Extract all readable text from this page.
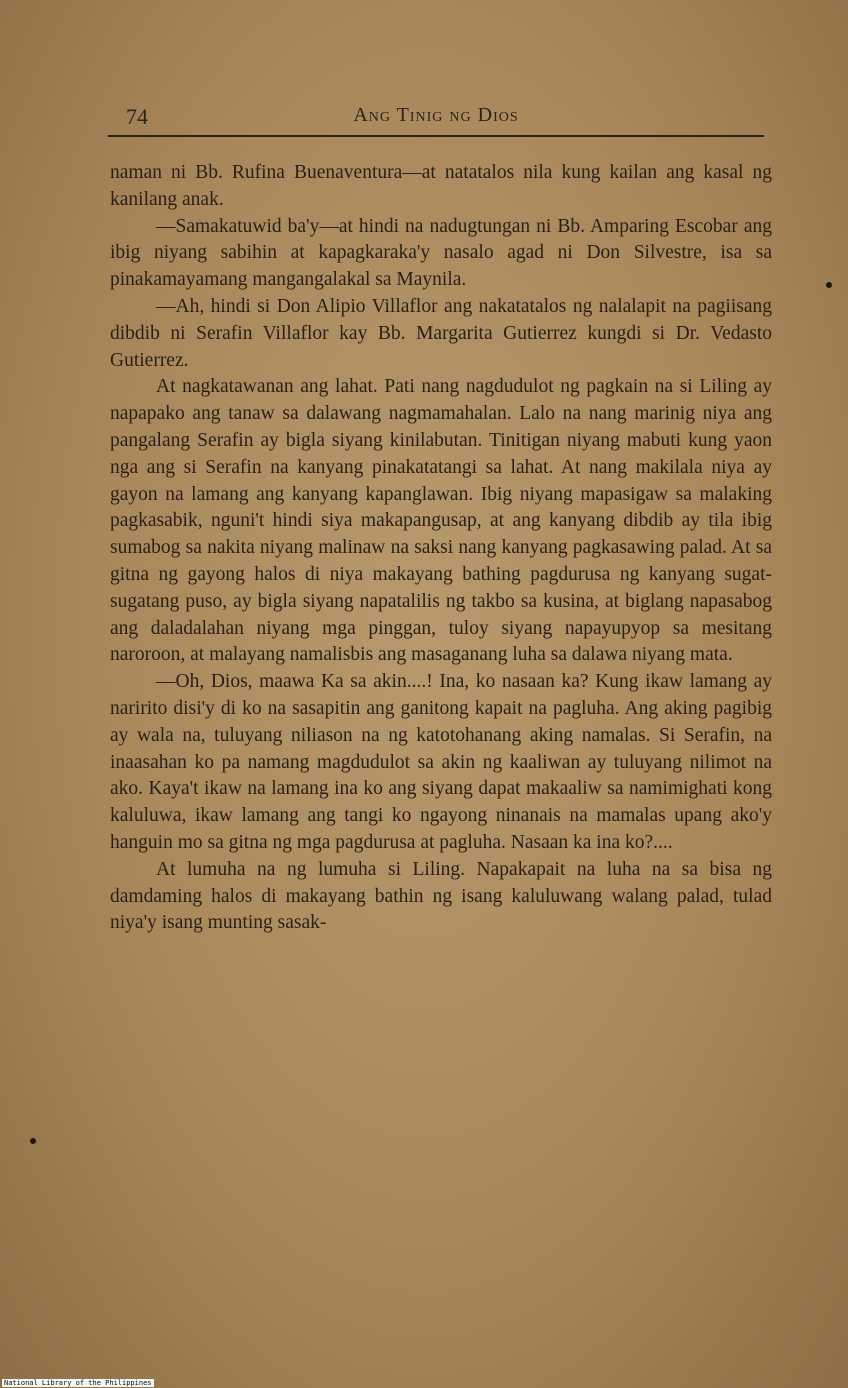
74	Ang Tinig ng Dios

naman ni Bb. Rufina Buenaventura—at natatalos nila kung kailan ang kasal ng kanilang anak.

—Samakatuwid ba'y—at hindi na nadugtungan ni Bb. Amparing Escobar ang ibig niyang sabihin at kapagkaraka'y nasalo agad ni Don Silvestre, isa sa pinakamayamang mangangalakal sa Maynila.

—Ah, hindi si Don Alipio Villaflor ang nakatatalos ng nalalapit na pagiisang dibdib ni Serafin Villaflor kay Bb. Margarita Gutierrez kungdi si Dr. Vedasto Gutierrez.

At nagkatawanan ang lahat. Pati nang nagdudulot ng pagkain na si Liling ay napapako ang tanaw sa dalawang nagmamahalan. Lalo na nang marinig niya ang pangalang Serafin ay bigla siyang kinilabutan. Tinitigan niyang mabuti kung yaon nga ang si Serafin na kanyang pinakatatangi sa lahat. At nang makilala niya ay gayon na lamang ang kanyang kapanglawan. Ibig niyang mapasigaw sa malaking pagkasabik, nguni't hindi siya makapangusap, at ang kanyang dibdib ay tila ibig sumabog sa nakita niyang malinaw na saksi nang kanyang pagkasawing palad. At sa gitna ng gayong halos di niya makayang bathing pagdurusa ng kanyang sugat-sugatang puso, ay bigla siyang napatalilis ng takbo sa kusina, at biglang napasabog ang daladalahan niyang mga pinggan, tuloy siyang napayupyop sa mesitang naroroon, at malayang namalisbis ang masaganang luha sa dalawa niyang mata.

—Oh, Dios, maawa Ka sa akin....! Ina, ko nasaan ka? Kung ikaw lamang ay naririto disi'y di ko na sasapitin ang ganitong kapait na pagluha. Ang aking pagibig ay wala na, tuluyang niliason na ng katotohanang aking namalas. Si Serafin, na inaasahan ko pa namang magdudulot sa akin ng kaaliwan ay tuluyang nilimot na ako. Kaya't ikaw na lamang ina ko ang siyang dapat makaaliw sa namimighati kong kaluluwa, ikaw lamang ang tangi ko ngayong ninanais na mamalas upang ako'y hanguin mo sa gitna ng mga pagdurusa at pagluha. Nasaan ka ina ko?....

At lumuha na ng lumuha si Liling. Napakapait na luha na sa bisa ng damdaming halos di makayang bathin ng isang kaluluwang walang palad, tulad niya'y isang munting sasak-

National Library of the Philippines
